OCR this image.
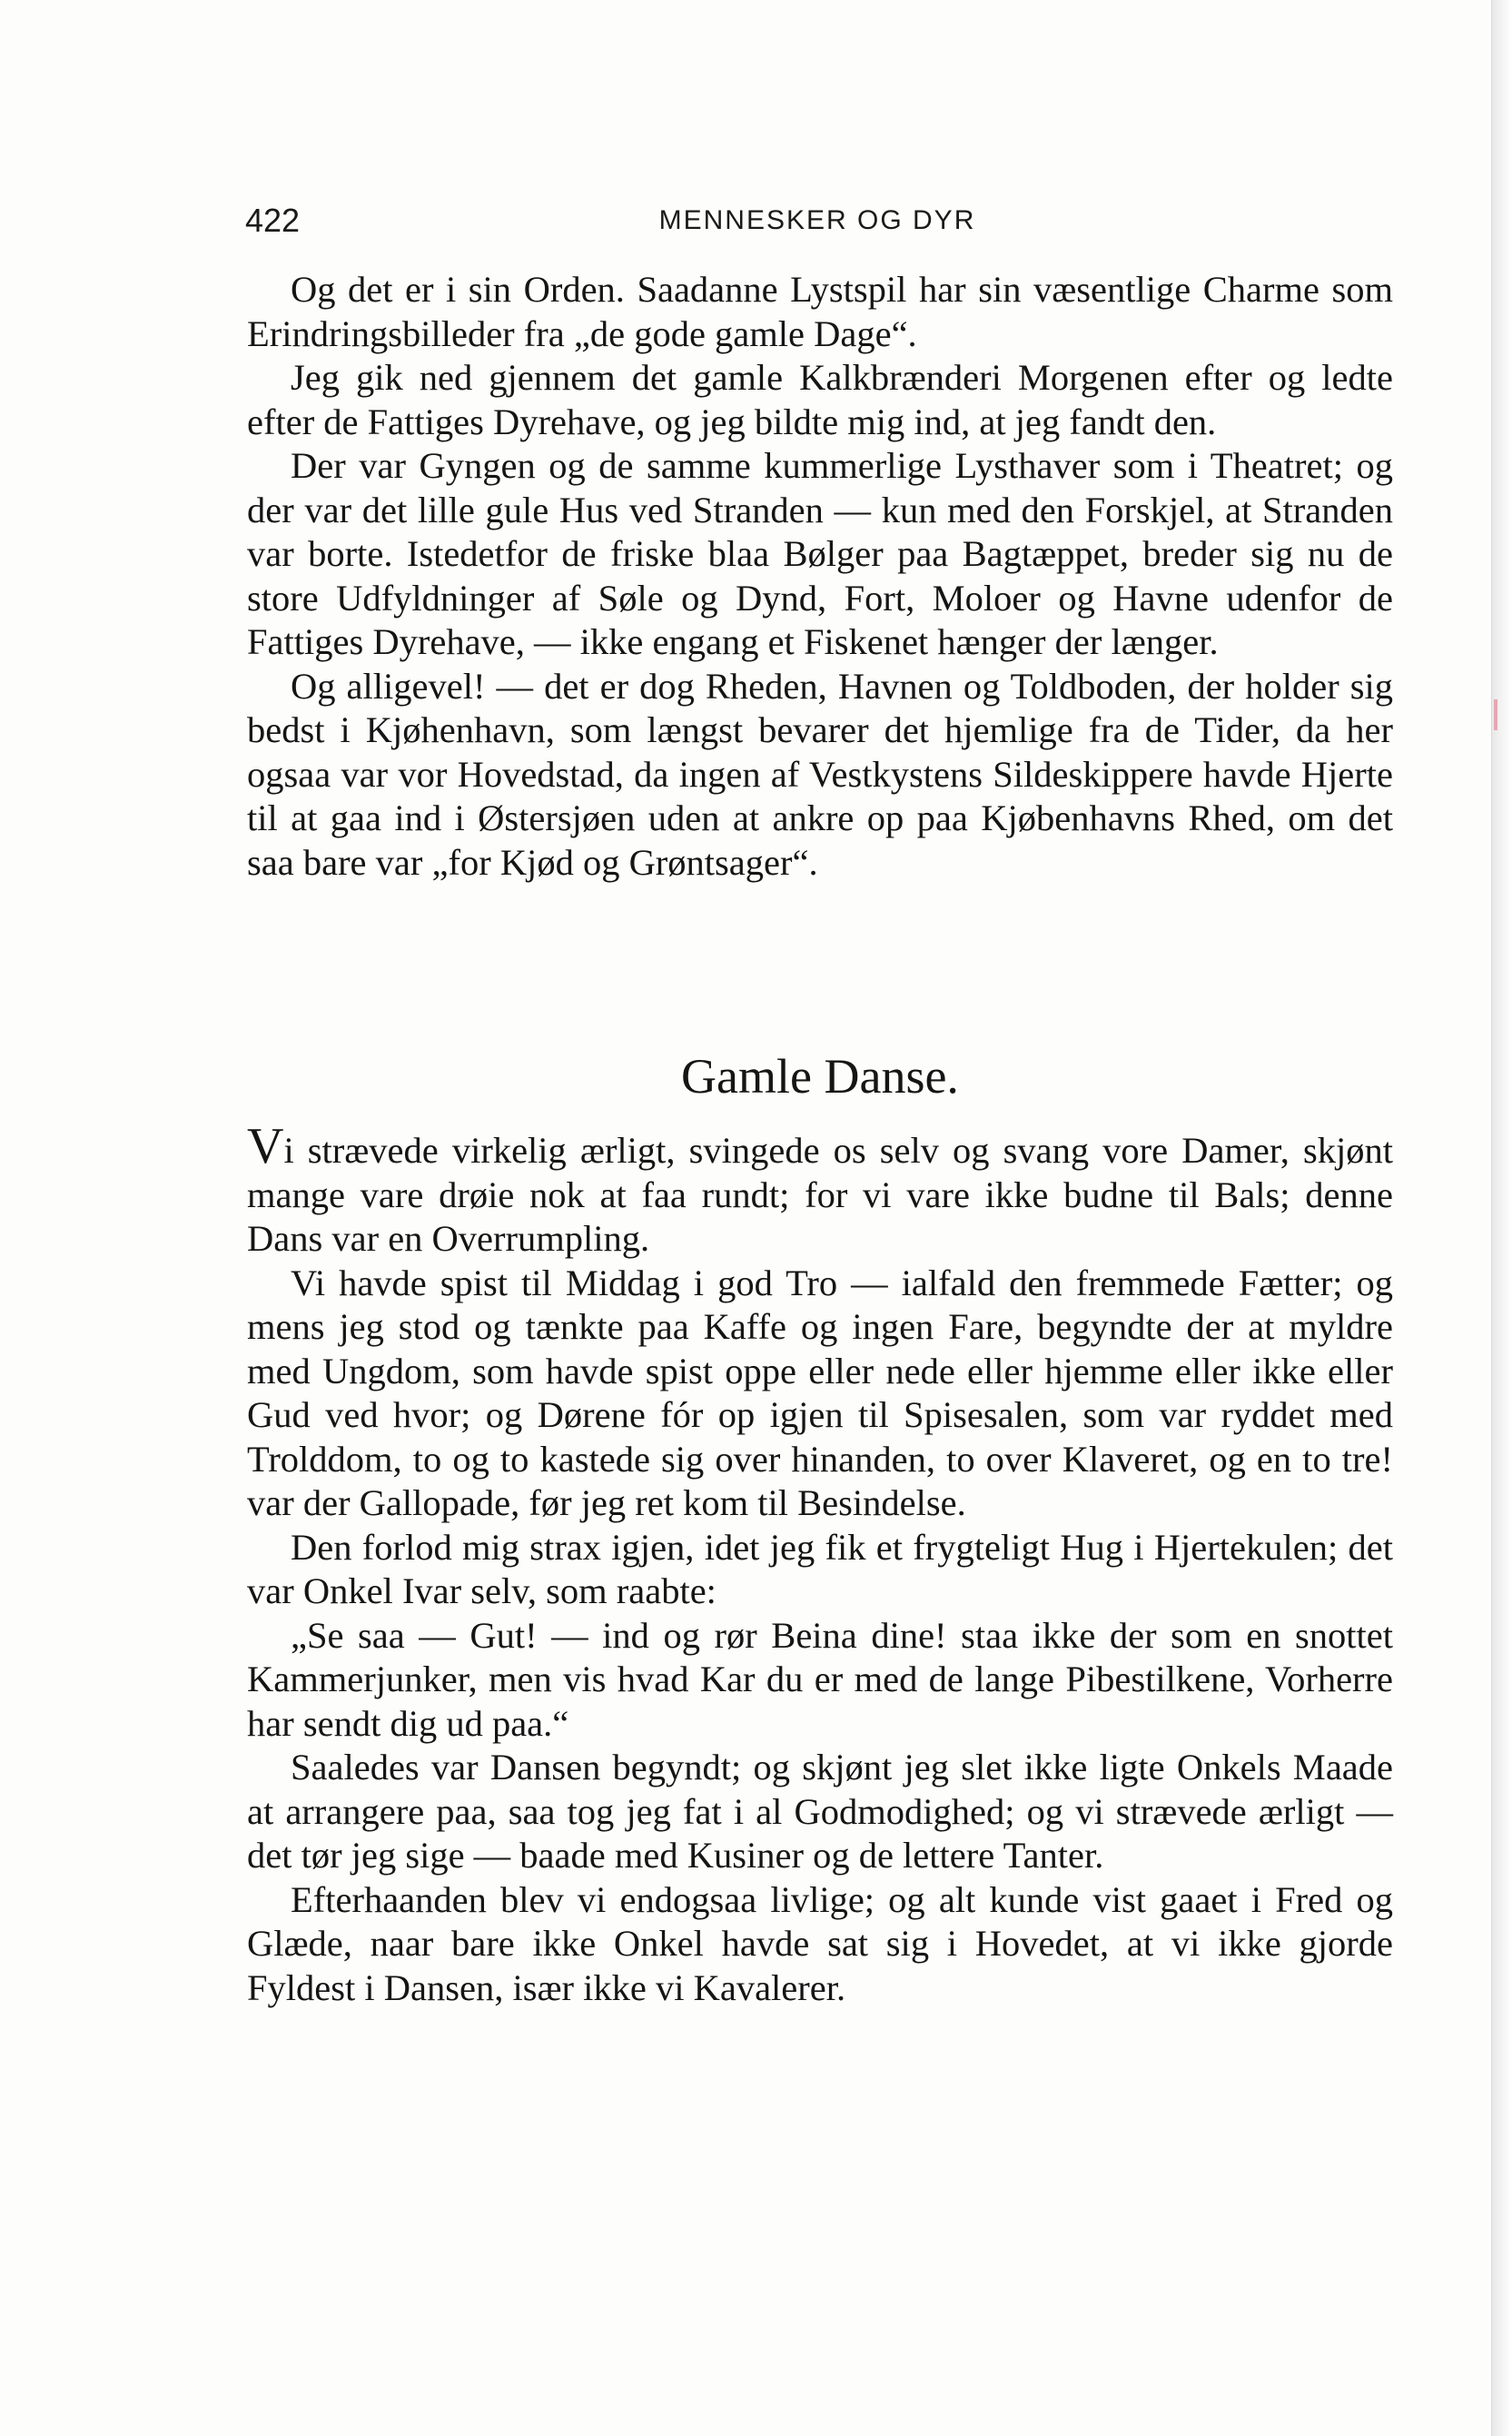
422	MENNESKER OG DYR

Og det er i sin Orden. Saadanne Lystspil har sin væsentlige Charme som Erindringsbilleder fra „de gode gamle Dage“.

Jeg gik ned gjennem det gamle Kalkbrænderi Morgenen efter og ledte efter de Fattiges Dyrehave, og jeg bildte mig ind, at jeg fandt den.

Der var Gyngen og de samme kummerlige Lysthaver som i Theatret; og der var det lille gule Hus ved Stranden — kun med den Forskjel, at Stranden var borte. Istedetfor de friske blaa Bølger paa Bagtæppet, breder sig nu de store Udfyldninger af Søle og Dynd, Fort, Moloer og Havne udenfor de Fattiges Dyrehave, — ikke engang et Fiskenet hænger der længer.

Og alligevel! — det er dog Rheden, Havnen og Toldboden, der holder sig bedst i Kjøhenhavn, som længst bevarer det hjemlige fra de Tider, da her ogsaa var vor Hovedstad, da ingen af Vestkystens Sildeskippere havde Hjerte til at gaa ind i Østersjøen uden at ankre op paa Kjøbenhavns Rhed, om det saa bare var „for Kjød og Grøntsager“.

Gamle Danse.

Vi strævede virkelig ærligt, svingede os selv og svang vore Damer, skjønt mange vare drøie nok at faa rundt; for vi vare ikke budne til Bals; denne Dans var en Overrumpling.

Vi havde spist til Middag i god Tro — ialfald den fremmede Fætter; og mens jeg stod og tænkte paa Kaffe og ingen Fare, begyndte der at myldre med Ungdom, som havde spist oppe eller nede eller hjemme eller ikke eller Gud ved hvor; og Dørene fór op igjen til Spisesalen, som var ryddet med Trolddom, to og to kastede sig over hinanden, to over Klaveret, og en to tre! var der Gallopade, før jeg ret kom til Besindelse.

Den forlod mig strax igjen, idet jeg fik et frygteligt Hug i Hjertekulen; det var Onkel Ivar selv, som raabte:

„Se saa — Gut! — ind og rør Beina dine! staa ikke der som en snottet Kammerjunker, men vis hvad Kar du er med de lange Pibestilkene, Vorherre har sendt dig ud paa.“

Saaledes var Dansen begyndt; og skjønt jeg slet ikke ligte Onkels Maade at arrangere paa, saa tog jeg fat i al Godmodighed; og vi strævede ærligt — det tør jeg sige — baade med Kusiner og de lettere Tanter.

Efterhaanden blev vi endogsaa livlige; og alt kunde vist gaaet i Fred og Glæde, naar bare ikke Onkel havde sat sig i Hovedet, at vi ikke gjorde Fyldest i Dansen, især ikke vi Kavalerer.
